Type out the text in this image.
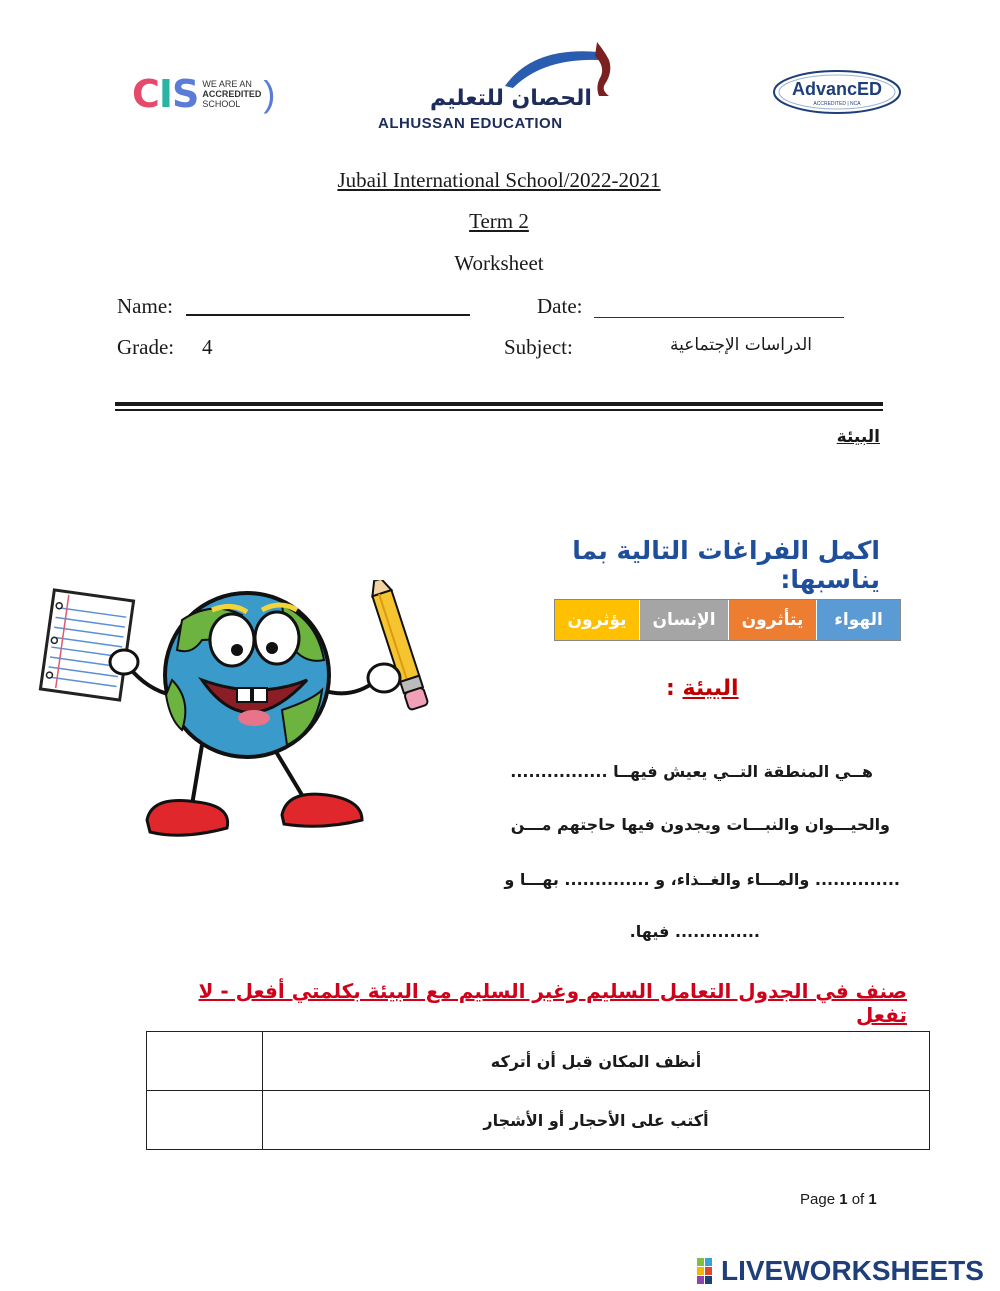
CIS WE ARE AN
ACCREDITED
SCHOOL )	الحصان للتعليم
ALHUSSAN EDUCATION
AdvancED
ACCREDITED | NCA
Jubail International School/2022-2021
Term 2
Worksheet
Name:	Date:
Grade: 4	Subject:	الدراسات الإجتماعية
البيئة
اكمل الفراغات التالية بما يناسبها:
الهواء
يتأثرون
الإنسان
يؤثرون
: البيئة
هــي المنطقة التــي يعيش فيهــا ................
والحيـــوان والنبـــات ويجدون فيها حاجتهم مـــن
.............. والمـــاء والغــذاء، و .............. بهـــا و
.............. فيها.
صنف في الجدول التعامل السليم وغير السليم مع البيئة بكلمتي أفعل - لا تفعل
	أنظف المكان قبل أن أتركه
	أكتب على الأحجار أو الأشجار
Page 1 of 1
LIVEWORKSHEETS
